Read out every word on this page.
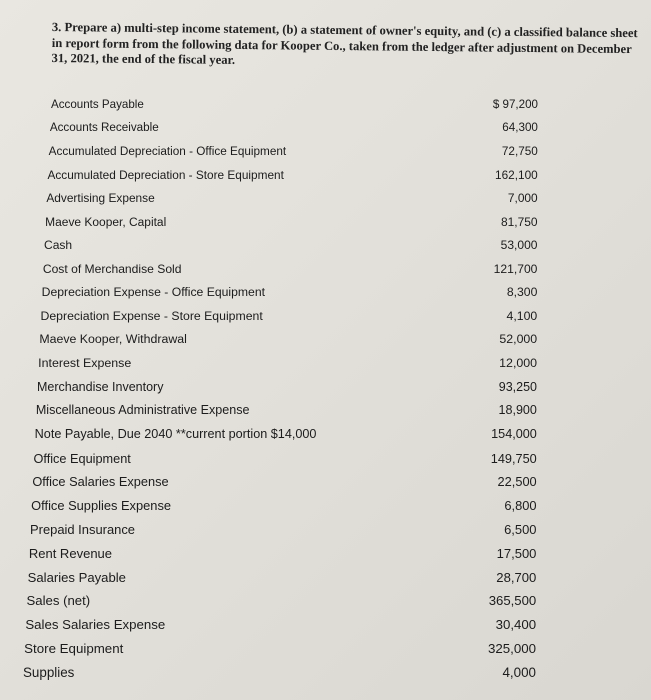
3. Prepare a) multi-step income statement, (b) a statement of owner's equity, and (c) a classified balance sheet in report form from the following data for Kooper Co., taken from the ledger after adjustment on December 31, 2021, the end of the fiscal year.
Accounts Payable	$ 97,200
Accounts Receivable	64,300
Accumulated Depreciation - Office Equipment	72,750
Accumulated Depreciation - Store Equipment	162,100
Advertising Expense	7,000
Maeve Kooper, Capital	81,750
Cash	53,000
Cost of Merchandise Sold	121,700
Depreciation Expense - Office Equipment	8,300
Depreciation Expense - Store Equipment	4,100
Maeve Kooper, Withdrawal	52,000
Interest Expense	12,000
Merchandise Inventory	93,250
Miscellaneous Administrative Expense	18,900
Note Payable, Due 2040 **current portion $14,000	154,000
Office Equipment	149,750
Office Salaries Expense	22,500
Office Supplies Expense	6,800
Prepaid Insurance	6,500
Rent Revenue	17,500
Salaries Payable	28,700
Sales (net)	365,500
Sales Salaries Expense	30,400
Store Equipment	325,000
Supplies	4,000
